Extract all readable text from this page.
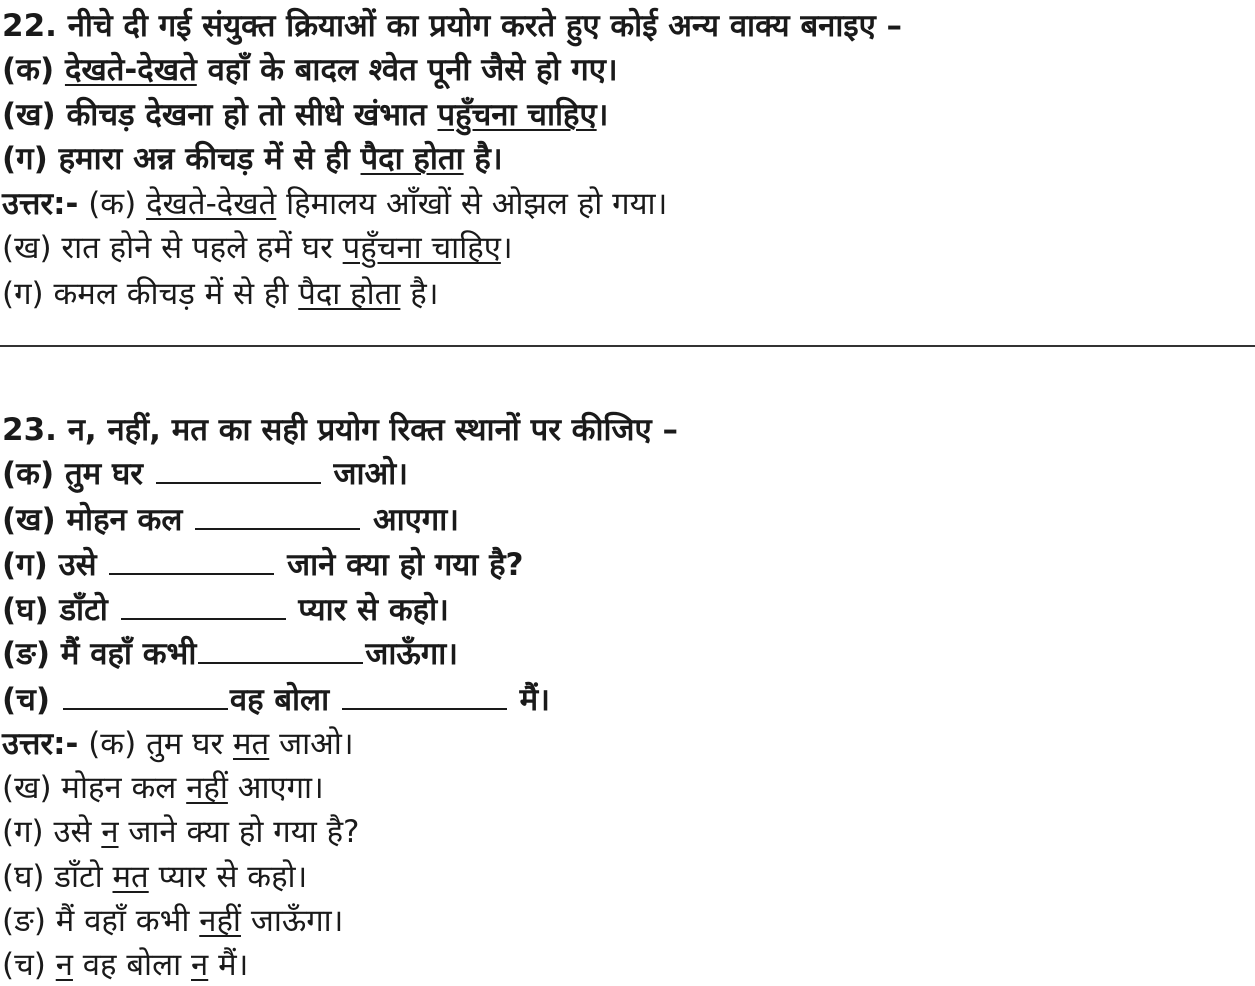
22. नीचे दी गई संयुक्त क्रियाओं का प्रयोग करते हुए कोई अन्य वाक्य बनाइए –
(क) देखते-देखते वहाँ के बादल श्वेत पूनी जैसे हो गए।
(ख) कीचड़ देखना हो तो सीधे खंभात पहुँचना चाहिए।
(ग) हमारा अन्न कीचड़ में से ही पैदा होता है।
उत्तर:- (क) देखते-देखते हिमालय आँखों से ओझल हो गया।
(ख) रात होने से पहले हमें घर पहुँचना चाहिए।
(ग) कमल कीचड़ में से ही पैदा होता है।
23. न, नहीं, मत का सही प्रयोग रिक्त स्थानों पर कीजिए –
(क) तुम घर	जाओ।
(ख) मोहन कल	आएगा।
(ग) उसे	जाने क्या हो गया है?
(घ) डाँटो	प्यार से कहो।
(ङ) मैं वहाँ कभी	जाऊँगा।
(च)	वह बोला	मैं।
उत्तर:- (क) तुम घर मत जाओ।
(ख) मोहन कल नहीं आएगा।
(ग) उसे न जाने क्या हो गया है?
(घ) डाँटो मत प्यार से कहो।
(ङ) मैं वहाँ कभी नहीं जाऊँगा।
(च) न वह बोला न मैं।
